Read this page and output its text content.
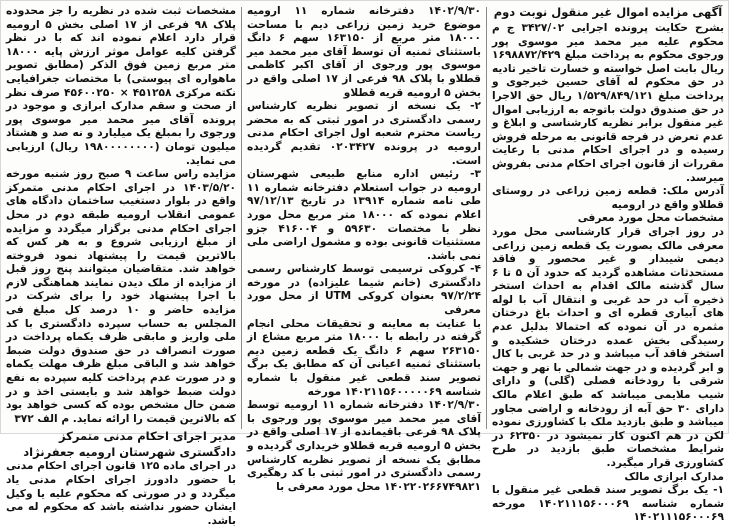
آگهی مزایده اموال غیر منقول نوبت دوم

بشرح حکایت پرونده اجرایی ۳۴۲۷/۰۲ ج م محکوم علیه میر محمد میر موسوی پور ورجوی محکوم به پرداخت مبلغ ۱۶۹۸۸۷۲/۴۲۹ ریال بابت اصل خواسته و خسارت تاخیر تادیه در حق محکوم له آقای حسین خیرجوی و پرداخت مبلغ ۱/۵۲۹/۸۴۹/۱۲۱ ریال حق الاجرا در حق صندوق دولت باتوجه به ارزیابی اموال غیر منقول برابر نظریه کارشناسی و ابلاغ و عدم تعرض در فرجه قانونی به مرحله فروش رسیده و در اجرای احکام مدنی با رعایت مقررات از قانون اجرای احکام مدنی بفروش میرسد.

آدرس ملک: قطعه زمین زراعی در روستای قطلاو واقع در ارومیه

مشخصات محل مورد معرفی

در روز اجرای قرار کارشناسی محل مورد معرفی مالک بصورت یک قطعه زمین زراعی دیمی شیبدار و غیر محصور و فاقد مستحدثات مشاهده گردید که حدود آن ۵ تا ۶ سال گذشته مالک اقدام به احداث استخر ذخیره آب در حد غربی و انتقال آب با لوله های آبیاری قطره ای و احداث باغ درختان مثمره در آن نموده که احتمالا بدلیل عدم رسیدگی بخش عمده درختان خشکیده و استخر فاقد آب میباشد و در حد غربی با کال و ابر گردیده و در جهت شمالی با نهر و جهت شرقی با رودخانه فصلی (گلی) و دارای شیب ملایمی میباشد که طبق اعلام مالک دارای ۳۰ حق آبه از رودخانه و اراضی مجاور میباشد و طبق بازدید ملک با کشاورزی نموده لکن در هم اکنون کار نمیشود در ۶۲۳۵۰ در شرایط مشخصات طبق بازدید در طرح کشاورزی قرار میگیرد.

مدارک ابرازی مالک

۱- یک برگ تصویر سند قطعی غیر منقول با شماره شناسه ۱۴۰۲۱۱۱۵۶۰۰۰۶۹ مورخه ۱۴۰۲۱۱۱۵۶۰۰۰۶۹

۱۴۰۲/۹/۳۰ دفترخانه شماره ۱۱ ارومیه موضوع خرید زمین زراعی دیم با مساحت ۱۸۰۰۰ متر مربع از ۱۶۳۱۵۰ سهم ۶ دانگ باستثنای ثمنیه آن توسط آقای میر محمد میر موسوی پور ورجوی از آقای اکبر کاظمی قطلاو با پلاک ۹۸ فرعی از ۱۷ اصلی واقع در بخش ۵ ارومیه قریه قطلاو

۲- یک نسخه از تصویر نظریه کارشناس رسمی دادگستری در امور ثبتی که به محضر ریاست محترم شعبه اول اجرای احکام مدنی ارومیه در پرونده ۰۲۰۳۴۲۷ تقدیم گردیده است.

۳- رئیس اداره منابع طبیعی شهرستان ارومیه در جواب استعلام دفترخانه شماره ۱۱ طی نامه شماره ۱۳۹۱۴ در تاریخ ۹۷/۱۲/۱۳ اعلام نموده که ۱۸۰۰۰ متر مربع محل مورد نظر با مختصات ۵۹۶۳۰ و ۴۱۶۰۰۴ جزو مستثنیات قانونی بوده و مشمول اراضی ملی نمی باشد.

۴- کروکی ترسیمی توسط کارشناس رسمی دادگستری (خانم شیما علیزاده) در مورخه ۹۷/۲/۲۴ بعنوان کروکی UTM از محل مورد معرفی

با عنایت به معاینه و تحقیقات محلی انجام گرفته در رابطه با ۱۸۰۰۰ متر مربع مشاع از ۲۶۳۱۵۰ سهم ۶ دانگ یک قطعه زمین دیم باستثنای ثمنیه اعیانی آن که مطابق یک برگ تصویر سند قطعی غیر منقول با شماره شناسه ۱۴۰۲۱۱۵۶۰۰۰۰۰۶۹ مورخه

۱۴۰۲/۹/۳۰ دفترخانه شماره ۱۱ ارومیه توسط آقای میر محمد میر موسوی پور ورجوی با پلاک ۹۸ فرعی باقیمانده از ۱۷ اصلی واقع در بخش ۵ ارومیه قریه قطلاو خریداری گردیده و مطابق یک نسخه از تصویر نظریه کارشناس رسمی دادگستری در امور ثبتی با کد رهگیری ۱۴۰۲۲۰۲۶۶۷۴۹۸۲۱ محل مورد معرفی با

مشخصات ثبت شده در نظریه را جز محدوده پلاک ۹۸ فرعی از ۱۷ اصلی بخش ۵ ارومیه قرار دارد اعلام نموده اند که با در نظر گرفتن کلیه عوامل موثر ارزش پایه ۱۸۰۰۰ متر مربع زمین فوق الذکر (مطابق تصویر ماهواره ای پیوستی) با مختصات جغرافیایی نکته مرکزی ۴۵۱۲۵۸ × ۴۵۶۰۰۲۵۰ صرف نظر از صحت و سقم مدارک ابرازی و موجود در پرونده آقای میر محمد میر موسوی پور ورجوی را بمبلغ یک میلیارد و نه صد و هشتاد میلیون تومان (۱۹۸۰۰۰۰۰۰۰۰ ریال) ارزیابی می نماید.

مزایده راس ساعت ۹ صبح روز شنبه مورخه ۱۴۰۳/۵/۲۰ در اجرای احکام مدنی متمرکز واقع در بلوار دستغیب ساختمان دادگاه های عمومی انقلاب ارومیه طبقه دوم در محل اجرای احکام مدنی برگزار میگردد و مزایده از مبلغ ارزیابی شروع و به هر کس که بالاترین قیمت را پیشنهاد نمود فروخته خواهد شد. متقاضیان میتوانند پنج روز قبل از مزایده از ملک دیدن نمایند هماهنگی لازم با اجرا پیشنهاد خود را برای شرکت در مزایده حاضر و ۱۰ درصد کل مبلغ فی المجلس به حساب سپرده دادگستری با کد ملی واریز و مابقی ظرف یکماه پرداخت در صورت انصراف در حق صندوق دولت ضبط خواهد شد و الباقی مبلغ ظرف مهلت یکماه و در صورت عدم پرداخت کلیه سپرده به نفع دولت ضبط خواهد شد و بایستی اخذ و در ضمن حال مشخص بوده که کسی خواهد بود که بالاترین قیمت را ارائه نماید. م الف ۳۷۲

مدیر اجرای احکام مدنی متمرکز دادگستری شهرستان ارومیه جعفرنژاد

در اجرای ماده ۱۲۵ قانون اجرای احکام مدنی با حضور دادورز اجرای احکام مدنی یاد میگردد و در صورتی که محکوم علیه یا وکیل ایشان حضور نداشته باشد که محکوم له می باشد.
